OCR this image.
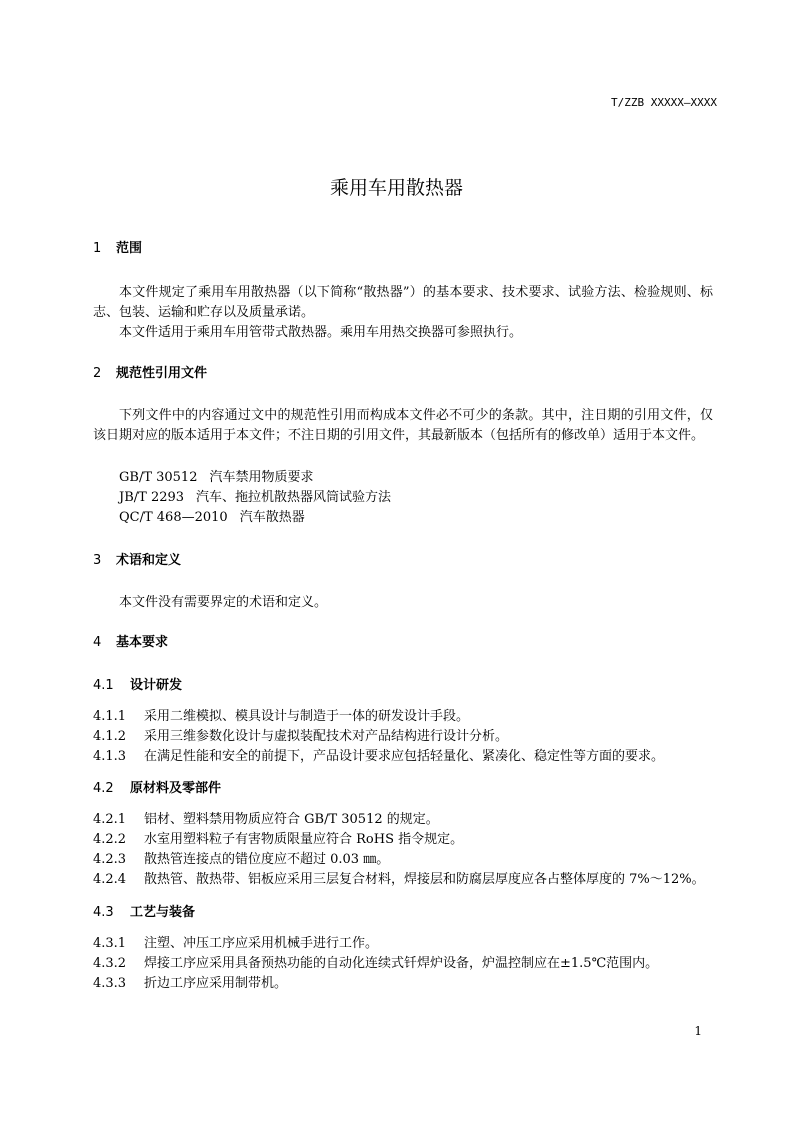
T/ZZB XXXXX—XXXX
乘用车用散热器
1 范围
本文件规定了乘用车用散热器（以下简称“散热器”）的基本要求、技术要求、试验方法、检验规则、标志、包装、运输和贮存以及质量承诺。
本文件适用于乘用车用管带式散热器。乘用车用热交换器可参照执行。
2 规范性引用文件
下列文件中的内容通过文中的规范性引用而构成本文件必不可少的条款。其中，注日期的引用文件，仅该日期对应的版本适用于本文件；不注日期的引用文件，其最新版本（包括所有的修改单）适用于本文件。
GB/T 30512 汽车禁用物质要求
JB/T 2293 汽车、拖拉机散热器风筒试验方法
QC/T 468—2010 汽车散热器
3 术语和定义
本文件没有需要界定的术语和定义。
4 基本要求
4.1 设计研发
4.1.1 采用二维模拟、模具设计与制造于一体的研发设计手段。
4.1.2 采用三维参数化设计与虚拟装配技术对产品结构进行设计分析。
4.1.3 在满足性能和安全的前提下，产品设计要求应包括轻量化、紧凑化、稳定性等方面的要求。
4.2 原材料及零部件
4.2.1 铝材、塑料禁用物质应符合 GB/T 30512 的规定。
4.2.2 水室用塑料粒子有害物质限量应符合 RoHS 指令规定。
4.2.3 散热管连接点的错位度应不超过 0.03 ㎜。
4.2.4 散热管、散热带、铝板应采用三层复合材料，焊接层和防腐层厚度应各占整体厚度的 7%～12%。
4.3 工艺与装备
4.3.1 注塑、冲压工序应采用机械手进行工作。
4.3.2 焊接工序应采用具备预热功能的自动化连续式钎焊炉设备，炉温控制应在±1.5℃范围内。
4.3.3 折边工序应采用制带机。
1
